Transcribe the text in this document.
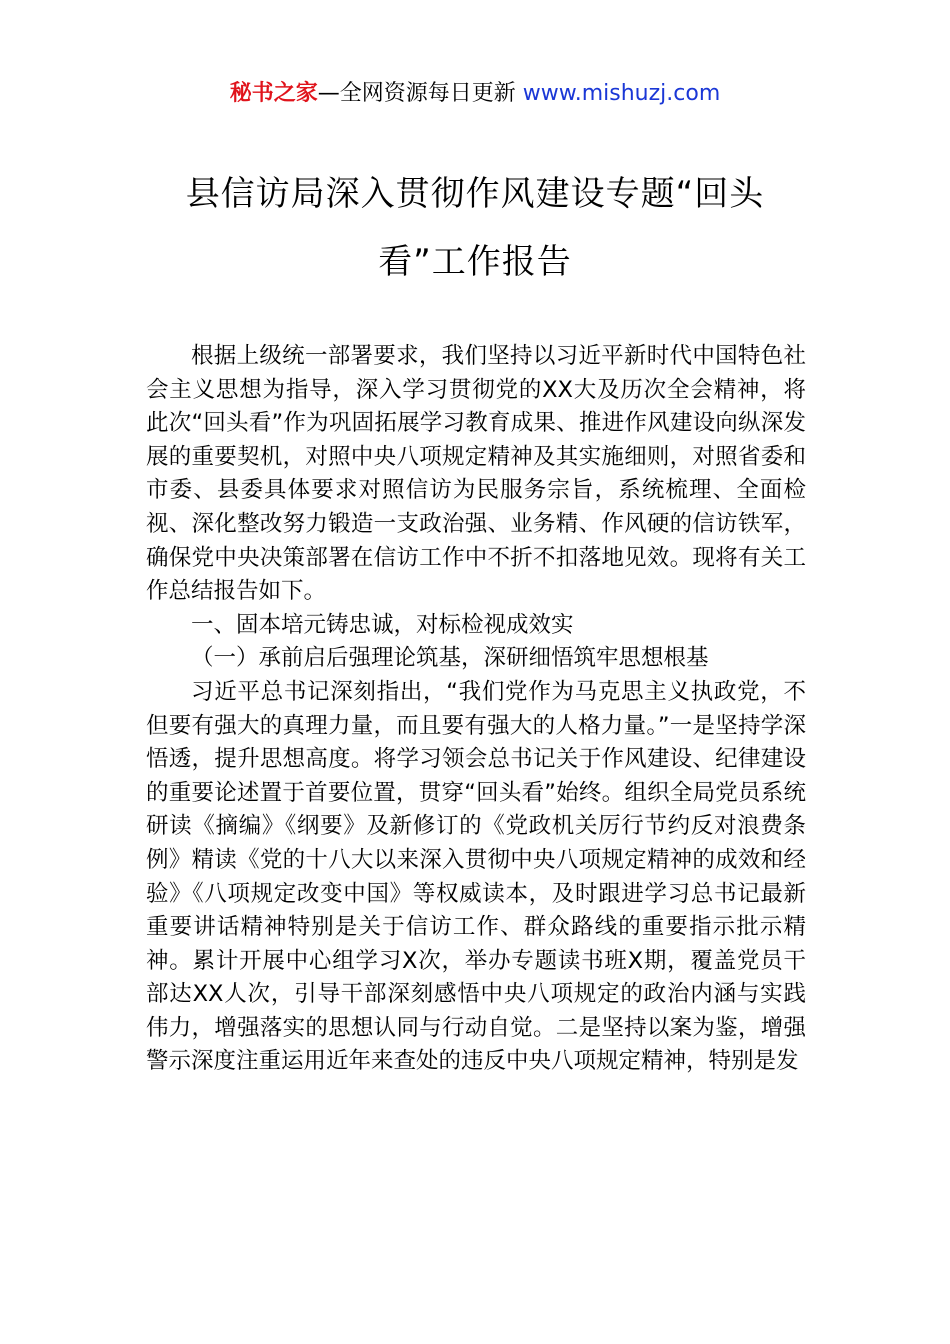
秘书之家—全网资源每日更新 www.mishuzj.com
县信访局深入贯彻作风建设专题“回头看”工作报告

根据上级统一部署要求，我们坚持以习近平新时代中国特色社会主义思想为指导，深入学习贯彻党的XX大及历次全会精神，将此次“回头看”作为巩固拓展学习教育成果、推进作风建设向纵深发展的重要契机，对照中央八项规定精神及其实施细则，对照省委和市委、县委具体要求对照信访为民服务宗旨，系统梳理、全面检视、深化整改努力锻造一支政治强、业务精、作风硬的信访铁军，确保党中央决策部署在信访工作中不折不扣落地见效。现将有关工作总结报告如下。

一、固本培元铸忠诚，对标检视成效实

（一）承前启后强理论筑基，深研细悟筑牢思想根基

习近平总书记深刻指出，“我们党作为马克思主义执政党，不但要有强大的真理力量，而且要有强大的人格力量。”一是坚持学深悟透，提升思想高度。将学习领会总书记关于作风建设、纪律建设的重要论述置于首要位置，贯穿“回头看”始终。组织全局党员系统研读《摘编》《纲要》及新修订的《党政机关厉行节约反对浪费条例》精读《党的十八大以来深入贯彻中央八项规定精神的成效和经验》《八项规定改变中国》等权威读本，及时跟进学习总书记最新重要讲话精神特别是关于信访工作、群众路线的重要指示批示精神。累计开展中心组学习X次，举办专题读书班X期，覆盖党员干部达XX人次，引导干部深刻感悟中央八项规定的政治内涵与实践伟力，增强落实的思想认同与行动自觉。二是坚持以案为鉴，增强警示深度注重运用近年来查处的违反中央八项规定精神，特别是发
